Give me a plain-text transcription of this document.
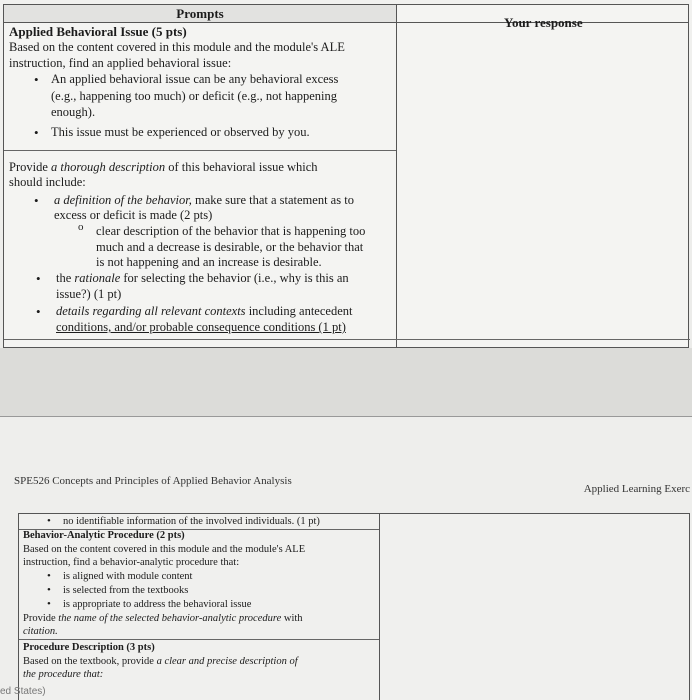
Prompts
Your response
Applied Behavioral Issue (5 pts)
Based on the content covered in this module and the module's ALE
instruction, find an applied behavioral issue:
• An applied behavioral issue can be any behavioral excess
(e.g., happening too much) or deficit (e.g., not happening
enough).
• This issue must be experienced or observed by you.
Provide a thorough description of this behavioral issue which
should include:
• a definition of the behavior, make sure that a statement as to
excess or deficit is made (2 pts)
o clear description of the behavior that is happening too
much and a decrease is desirable, or the behavior that
is not happening and an increase is desirable.
• the rationale for selecting the behavior (i.e., why is this an
issue?) (1 pt)
• details regarding all relevant contexts including antecedent
conditions, and/or probable consequence conditions (1 pt)
SPE526 Concepts and Principles of Applied Behavior Analysis
Applied Learning Exerc
• no identifiable information of the involved individuals. (1 pt)
Behavior-Analytic Procedure (2 pts)
Based on the content covered in this module and the module's ALE
instruction, find a behavior-analytic procedure that:
• is aligned with module content
• is selected from the textbooks
• is appropriate to address the behavioral issue
Provide the name of the selected behavior-analytic procedure with
citation.
Procedure Description (3 pts)
Based on the textbook, provide a clear and precise description of
the procedure that:
ed States)
